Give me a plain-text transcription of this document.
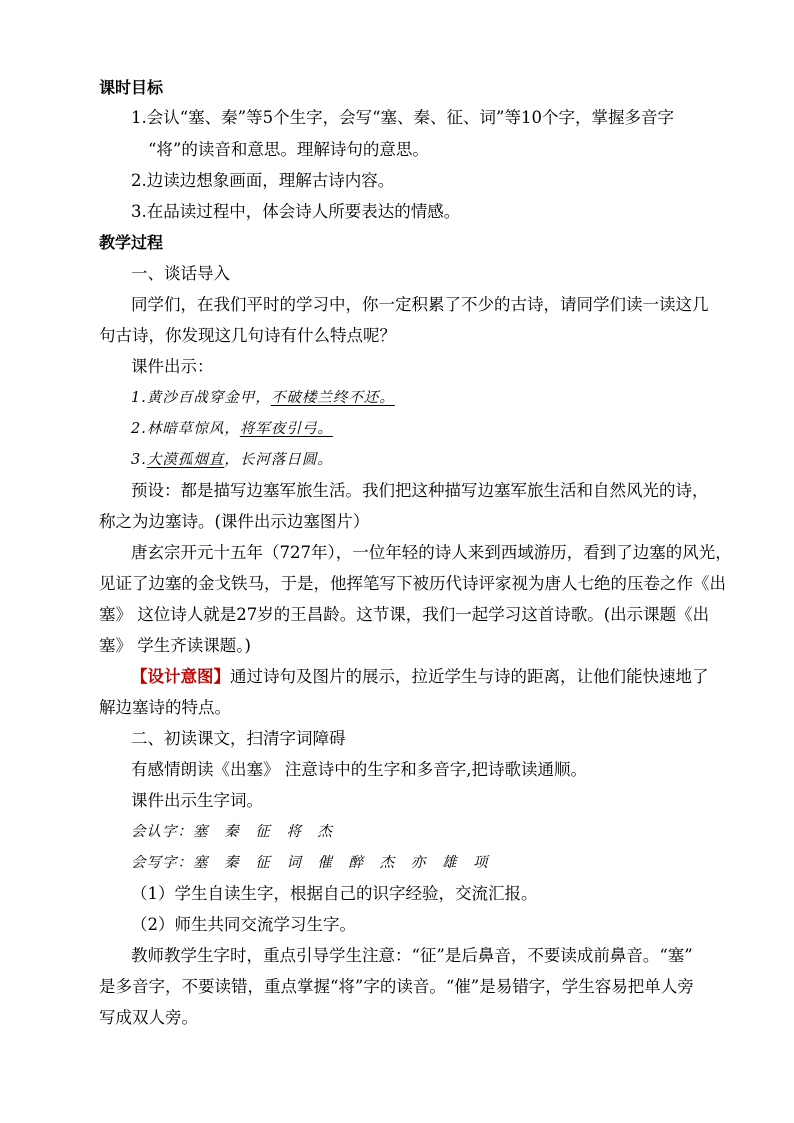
课时目标
1.会认“塞、秦”等5个生字，会写“塞、秦、征、词”等10个字，掌握多音字
“将”的读音和意思。理解诗句的意思。
2.边读边想象画面，理解古诗内容。
3.在品读过程中，体会诗人所要表达的情感。
教学过程
一、谈话导入
同学们，在我们平时的学习中，你一定积累了不少的古诗，请同学们读一读这几
句古诗，你发现这几句诗有什么特点呢？
课件出示：
1.黄沙百战穿金甲，不破楼兰终不还。
2.林暗草惊风，将军夜引弓。
3.大漠孤烟直，长河落日圆。
预设：都是描写边塞军旅生活。我们把这种描写边塞军旅生活和自然风光的诗，
称之为边塞诗。(课件出示边塞图片）
唐玄宗开元十五年（727年），一位年轻的诗人来到西域游历，看到了边塞的风光，
见证了边塞的金戈铁马，于是，他挥笔写下被历代诗评家视为唐人七绝的压卷之作《出
塞》 这位诗人就是27岁的王昌龄。这节课，我们一起学习这首诗歌。(出示课题《出
塞》 学生齐读课题。)
【设计意图】通过诗句及图片的展示，拉近学生与诗的距离，让他们能快速地了
解边塞诗的特点。
二、初读课文，扫清字词障碍
有感情朗读《出塞》 注意诗中的生字和多音字,把诗歌读通顺。
课件出示生字词。
会认字：塞 秦 征 将 杰
会写字：塞 秦 征 词 催 醉 杰 亦 雄 项
（1）学生自读生字，根据自己的识字经验，交流汇报。
（2）师生共同交流学习生字。
教师教学生字时，重点引导学生注意：“征”是后鼻音，不要读成前鼻音。“塞”
是多音字，不要读错，重点掌握“将”字的读音。“催”是易错字，学生容易把单人旁
写成双人旁。
